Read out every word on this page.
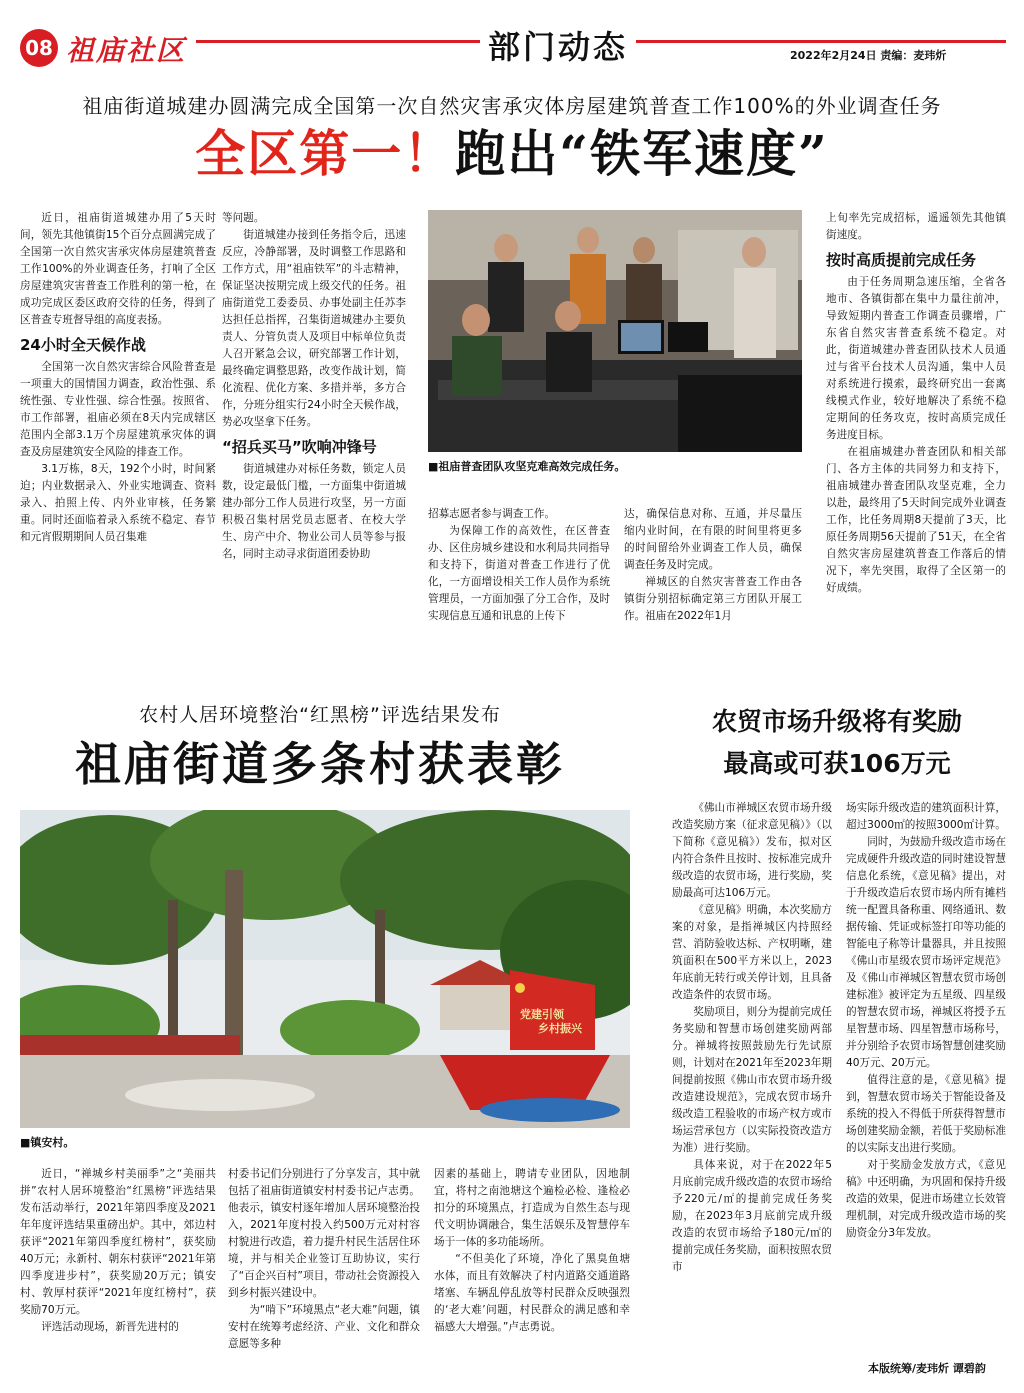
08 祖庙社区	部门动态	2022年2月24日 责编：麦玮炘
祖庙街道城建办圆满完成全国第一次自然灾害承灾体房屋建筑普查工作100%的外业调查任务
全区第一！跑出“铁军速度”

近日，祖庙街道城建办用了5天时间，领先其他镇街15个百分点圆满完成了全国第一次自然灾害承灾体房屋建筑普查工作100%的外业调查任务，打响了全区房屋建筑灾害普查工作胜利的第一枪，在成功完成区委区政府交待的任务，得到了区普查专班督导组的高度表扬。

24小时全天候作战

全国第一次自然灾害综合风险普查是一项重大的国情国力调查，政治性强、系统性强、专业性强、综合性强。按照省、市工作部署，祖庙必须在8天内完成辖区范围内全部3.1万个房屋建筑承灾体的调查及房屋建筑安全风险的排查工作。

3.1万栋，8天，192个小时，时间紧迫；内业数据录入、外业实地调查、资料录入、拍照上传、内外业审核，任务繁重。同时还面临着录入系统不稳定、春节和元宵假期期间人员召集难

等问题。

街道城建办接到任务指令后，迅速反应，冷静部署，及时调整工作思路和工作方式，用“祖庙铁军”的斗志精神，保证坚决按期完成上级交代的任务。祖庙街道党工委委员、办事处副主任苏李达担任总指挥，召集街道城建办主要负责人、分管负责人及项目中标单位负责人召开紧急会议，研究部署工作计划，最终确定调整思路，改变作战计划，简化流程、优化方案、多措并举，多方合作，分班分组实行24小时全天候作战，势必攻坚拿下任务。

“招兵买马”吹响冲锋号

街道城建办对标任务数，锁定人员数，设定最低门槛，一方面集中街道城建办部分工作人员进行攻坚，另一方面积极召集村居党员志愿者、在校大学生、房产中介、物业公司人员等参与报名，同时主动寻求街道团委协助

■祖庙普查团队攻坚克难高效完成任务。

招募志愿者参与调查工作。

为保障工作的高效性，在区普查办、区住房城乡建设和水利局共同指导和支持下，街道对普查工作进行了优化，一方面增设相关工作人员作为系统管理员，一方面加强了分工合作，及时实现信息互通和讯息的上传下

达，确保信息对称、互通，并尽量压缩内业时间，在有限的时间里将更多的时间留给外业调查工作人员，确保调查任务及时完成。

禅城区的自然灾害普查工作由各镇街分别招标确定第三方团队开展工作。祖庙在2022年1月

上旬率先完成招标，遥遥领先其他镇街速度。

按时高质提前完成任务

由于任务周期急速压缩，全省各地市、各镇街都在集中力量往前冲，导致短期内普查工作调查员骤增，广东省自然灾害普查系统不稳定。对此，街道城建办普查团队技术人员通过与省平台技术人员沟通，集中人员对系统进行摸索，最终研究出一套离线模式作业，较好地解决了系统不稳定期间的任务攻克，按时高质完成任务进度目标。

在祖庙城建办普查团队和相关部门、各方主体的共同努力和支持下，祖庙城建办普查团队攻坚克难，全力以赴，最终用了5天时间完成外业调查工作，比任务周期8天提前了3天，比原任务周期56天提前了51天，在全省自然灾害房屋建筑普查工作落后的情况下，率先突围，取得了全区第一的好成绩。

农村人居环境整治“红黑榜”评选结果发布
祖庙街道多条村获表彰
党建引领
乡村振兴
■镇安村。

近日，“禅城乡村美丽季”之“美丽共拼”农村人居环境整治“红黑榜”评选结果发布活动举行，2021年第四季度及2021年年度评选结果重磅出炉。其中，郊边村获评“2021年第四季度红榜村”，获奖励40万元；永新村、朝东村获评“2021年第四季度进步村”，获奖励20万元；镇安村、敦厚村获评“2021年度红榜村”，获奖励70万元。

评选活动现场，新晋先进村的

村委书记们分别进行了分享发言，其中就包括了祖庙街道镇安村村委书记卢志勇。他表示，镇安村逐年增加人居环境整治投入，2021年度村投入约500万元对村容村貌进行改造，着力提升村民生活居住环境，并与相关企业签订互助协议，实行了“百企兴百村”项目，带动社会资源投入到乡村振兴建设中。

为“啃下”环境黑点“老大难”问题，镇安村在统筹考虑经济、产业、文化和群众意愿等多种

因素的基础上，聘请专业团队，因地制宜，将村之南池塘这个遍检必检、逢检必扣分的环境黑点，打造成为自然生态与现代文明协调融合，集生活娱乐及智慧停车场于一体的多功能场所。

“不但美化了环境，净化了黑臭鱼塘水体，而且有效解决了村内道路交通道路堵塞、车辆乱停乱放等村民群众反映强烈的‘老大难’问题，村民群众的满足感和幸福感大大增强。”卢志勇说。

农贸市场升级将有奖励
最高或可获106万元

《佛山市禅城区农贸市场升级改造奖励方案（征求意见稿）》（以下简称《意见稿》）发布，拟对区内符合条件且按时、按标准完成升级改造的农贸市场，进行奖励，奖励最高可达106万元。

《意见稿》明确，本次奖励方案的对象，是指禅城区内持照经营、消防验收达标、产权明晰，建筑面积在500平方米以上，2023年底前无转行或关停计划，且具备改造条件的农贸市场。

奖励项目，则分为提前完成任务奖励和智慧市场创建奖励两部分。禅城将按照鼓励先行先试原则，计划对在2021年至2023年期间提前按照《佛山市农贸市场升级改造建设规范》，完成农贸市场升级改造工程验收的市场产权方或市场运营承包方（以实际投资改造方为准）进行奖励。

具体来说，对于在2022年5月底前完成升级改造的农贸市场给予220元/㎡的提前完成任务奖励，在2023年3月底前完成升级改造的农贸市场给予180元/㎡的提前完成任务奖励，面积按照农贸市

场实际升级改造的建筑面积计算，超过3000㎡的按照3000㎡计算。

同时，为鼓励升级改造市场在完成硬件升级改造的同时建设智慧信息化系统，《意见稿》提出，对于升级改造后农贸市场内所有摊档统一配置具备称重、网络通讯、数据传输、凭证或标签打印等功能的智能电子称等计量器具，并且按照《佛山市星级农贸市场评定规范》及《佛山市禅城区智慧农贸市场创建标准》被评定为五星级、四星级的智慧农贸市场，禅城区将授予五星智慧市场、四星智慧市场称号，并分别给予农贸市场智慧创建奖励40万元、20万元。

值得注意的是，《意见稿》提到，智慧农贸市场关于智能设备及系统的投入不得低于所获得智慧市场创建奖励金额，若低于奖励标准的以实际支出进行奖励。

对于奖励金发放方式，《意见稿》中还明确，为巩固和保持升级改造的效果，促进市场建立长效管理机制，对完成升级改造市场的奖励资金分3年发放。

本版统筹/麦玮炘 谭碧韵
